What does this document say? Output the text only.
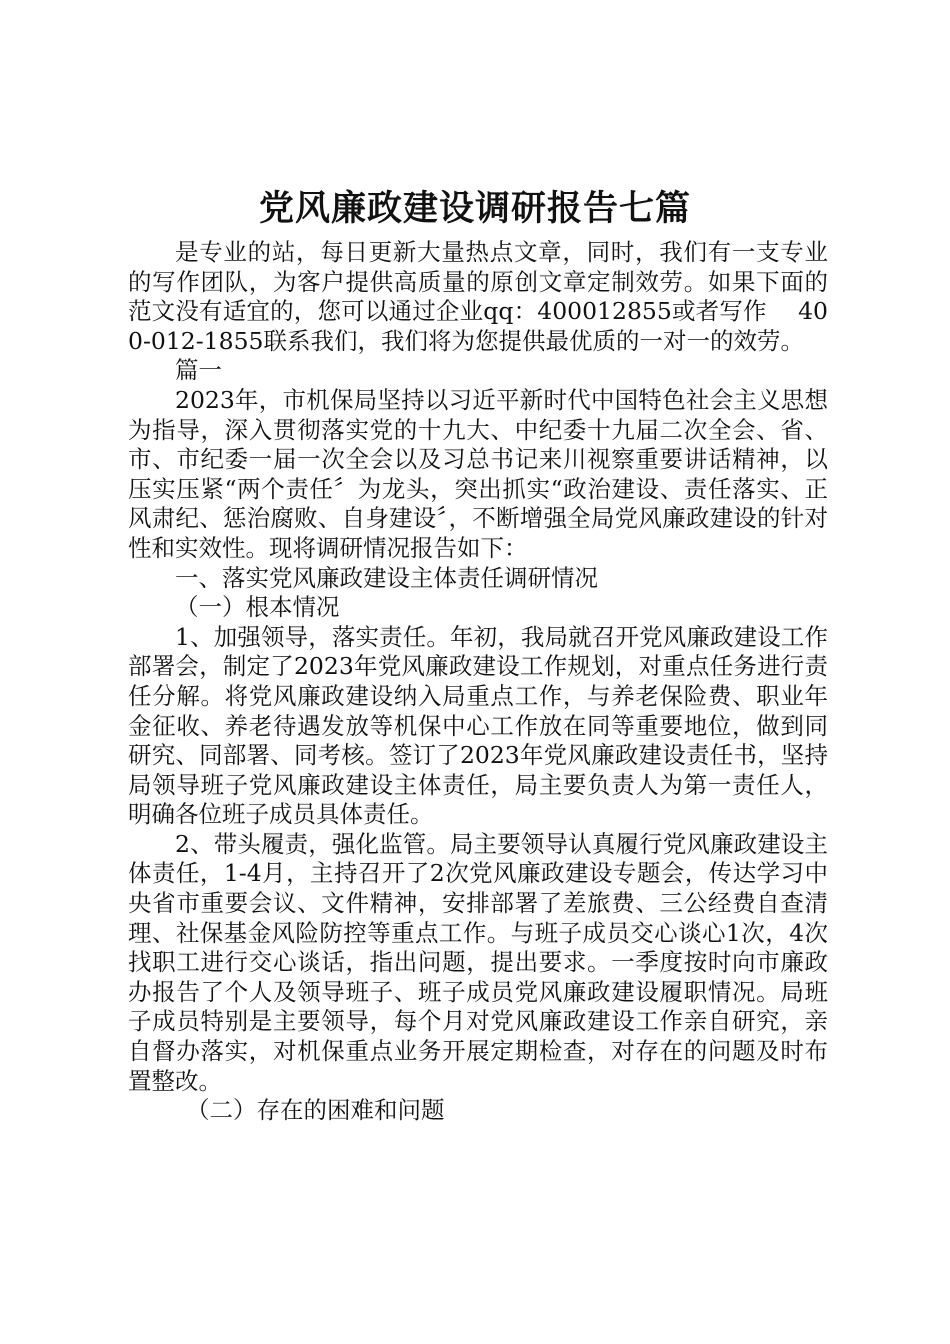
党风廉政建设调研报告七篇

是专业的站，每日更新大量热点文章，同时，我们有一支专业的写作团队，为客户提供高质量的原创文章定制效劳。如果下面的范文没有适宜的，您可以通过企业qq：400012855或者写作　 400-012-1855联系我们，我们将为您提供最优质的一对一的效劳。

篇一

2023年，市机保局坚持以习近平新时代中国特色社会主义思想为指导，深入贯彻落实党的十九大、中纪委十九届二次全会、省、市、市纪委一届一次全会以及习总书记来川视察重要讲话精神，以压实压紧“两个责任〞为龙头，突出抓实“政治建设、责任落实、正风肃纪、惩治腐败、自身建设〞，不断增强全局党风廉政建设的针对性和实效性。现将调研情况报告如下：

一、落实党风廉政建设主体责任调研情况

（一）根本情况

1、加强领导，落实责任。年初，我局就召开党风廉政建设工作部署会，制定了2023年党风廉政建设工作规划，对重点任务进行责任分解。将党风廉政建设纳入局重点工作，与养老保险费、职业年金征收、养老待遇发放等机保中心工作放在同等重要地位，做到同研究、同部署、同考核。签订了2023年党风廉政建设责任书，坚持局领导班子党风廉政建设主体责任，局主要负责人为第一责任人，明确各位班子成员具体责任。

2、带头履责，强化监管。局主要领导认真履行党风廉政建设主体责任，1-4月，主持召开了2次党风廉政建设专题会，传达学习中央省市重要会议、文件精神，安排部署了差旅费、三公经费自查清理、社保基金风险防控等重点工作。与班子成员交心谈心1次，4次找职工进行交心谈话，指出问题，提出要求。一季度按时向市廉政办报告了个人及领导班子、班子成员党风廉政建设履职情况。局班子成员特别是主要领导，每个月对党风廉政建设工作亲自研究，亲自督办落实，对机保重点业务开展定期检查，对存在的问题及时布置整改。

（二）存在的困难和问题
